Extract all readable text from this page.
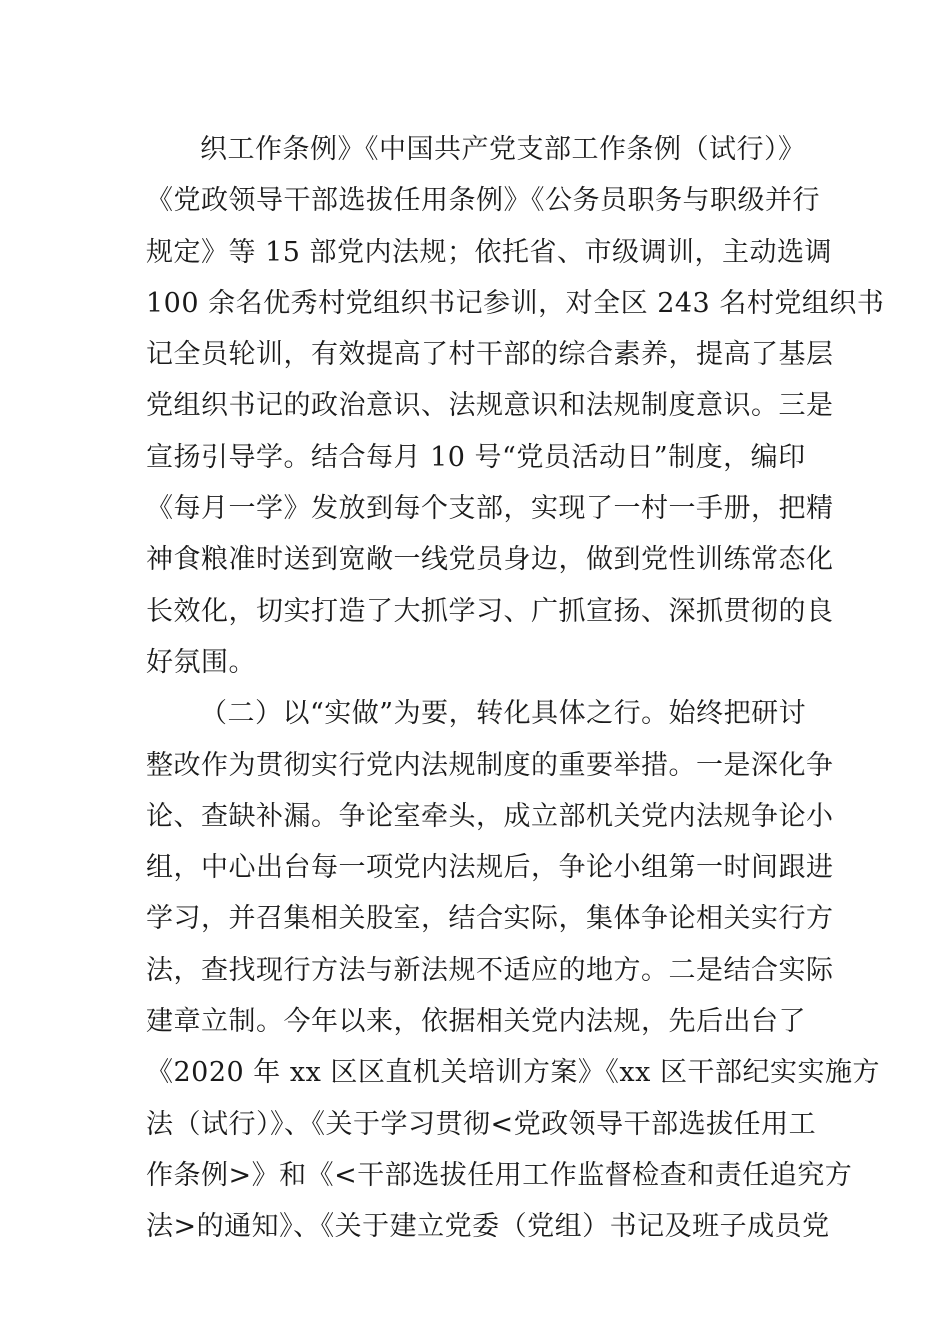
织工作条例》《中国共产党支部工作条例（试行）》
《党政领导干部选拔任用条例》《公务员职务与职级并行
规定》等 15 部党内法规；依托省、市级调训，主动选调
100 余名优秀村党组织书记参训，对全区 243 名村党组织书
记全员轮训，有效提高了村干部的综合素养，提高了基层
党组织书记的政治意识、法规意识和法规制度意识。三是
宣扬引导学。结合每月 10 号“党员活动日”制度，编印
《每月一学》发放到每个支部，实现了一村一手册，把精
神食粮准时送到宽敞一线党员身边，做到党性训练常态化
长效化，切实打造了大抓学习、广抓宣扬、深抓贯彻的良
好氛围。
（二）以“实做”为要，转化具体之行。始终把研讨
整改作为贯彻实行党内法规制度的重要举措。一是深化争
论、查缺补漏。争论室牵头，成立部机关党内法规争论小
组，中心出台每一项党内法规后，争论小组第一时间跟进
学习，并召集相关股室，结合实际，集体争论相关实行方
法，查找现行方法与新法规不适应的地方。二是结合实际
建章立制。今年以来，依据相关党内法规，先后出台了
《2020 年 xx 区区直机关培训方案》《xx 区干部纪实实施方
法（试行）》、《关于学习贯彻<党政领导干部选拔任用工
作条例>》和《<干部选拔任用工作监督检查和责任追究方
法>的通知》、《关于建立党委（党组）书记及班子成员党
